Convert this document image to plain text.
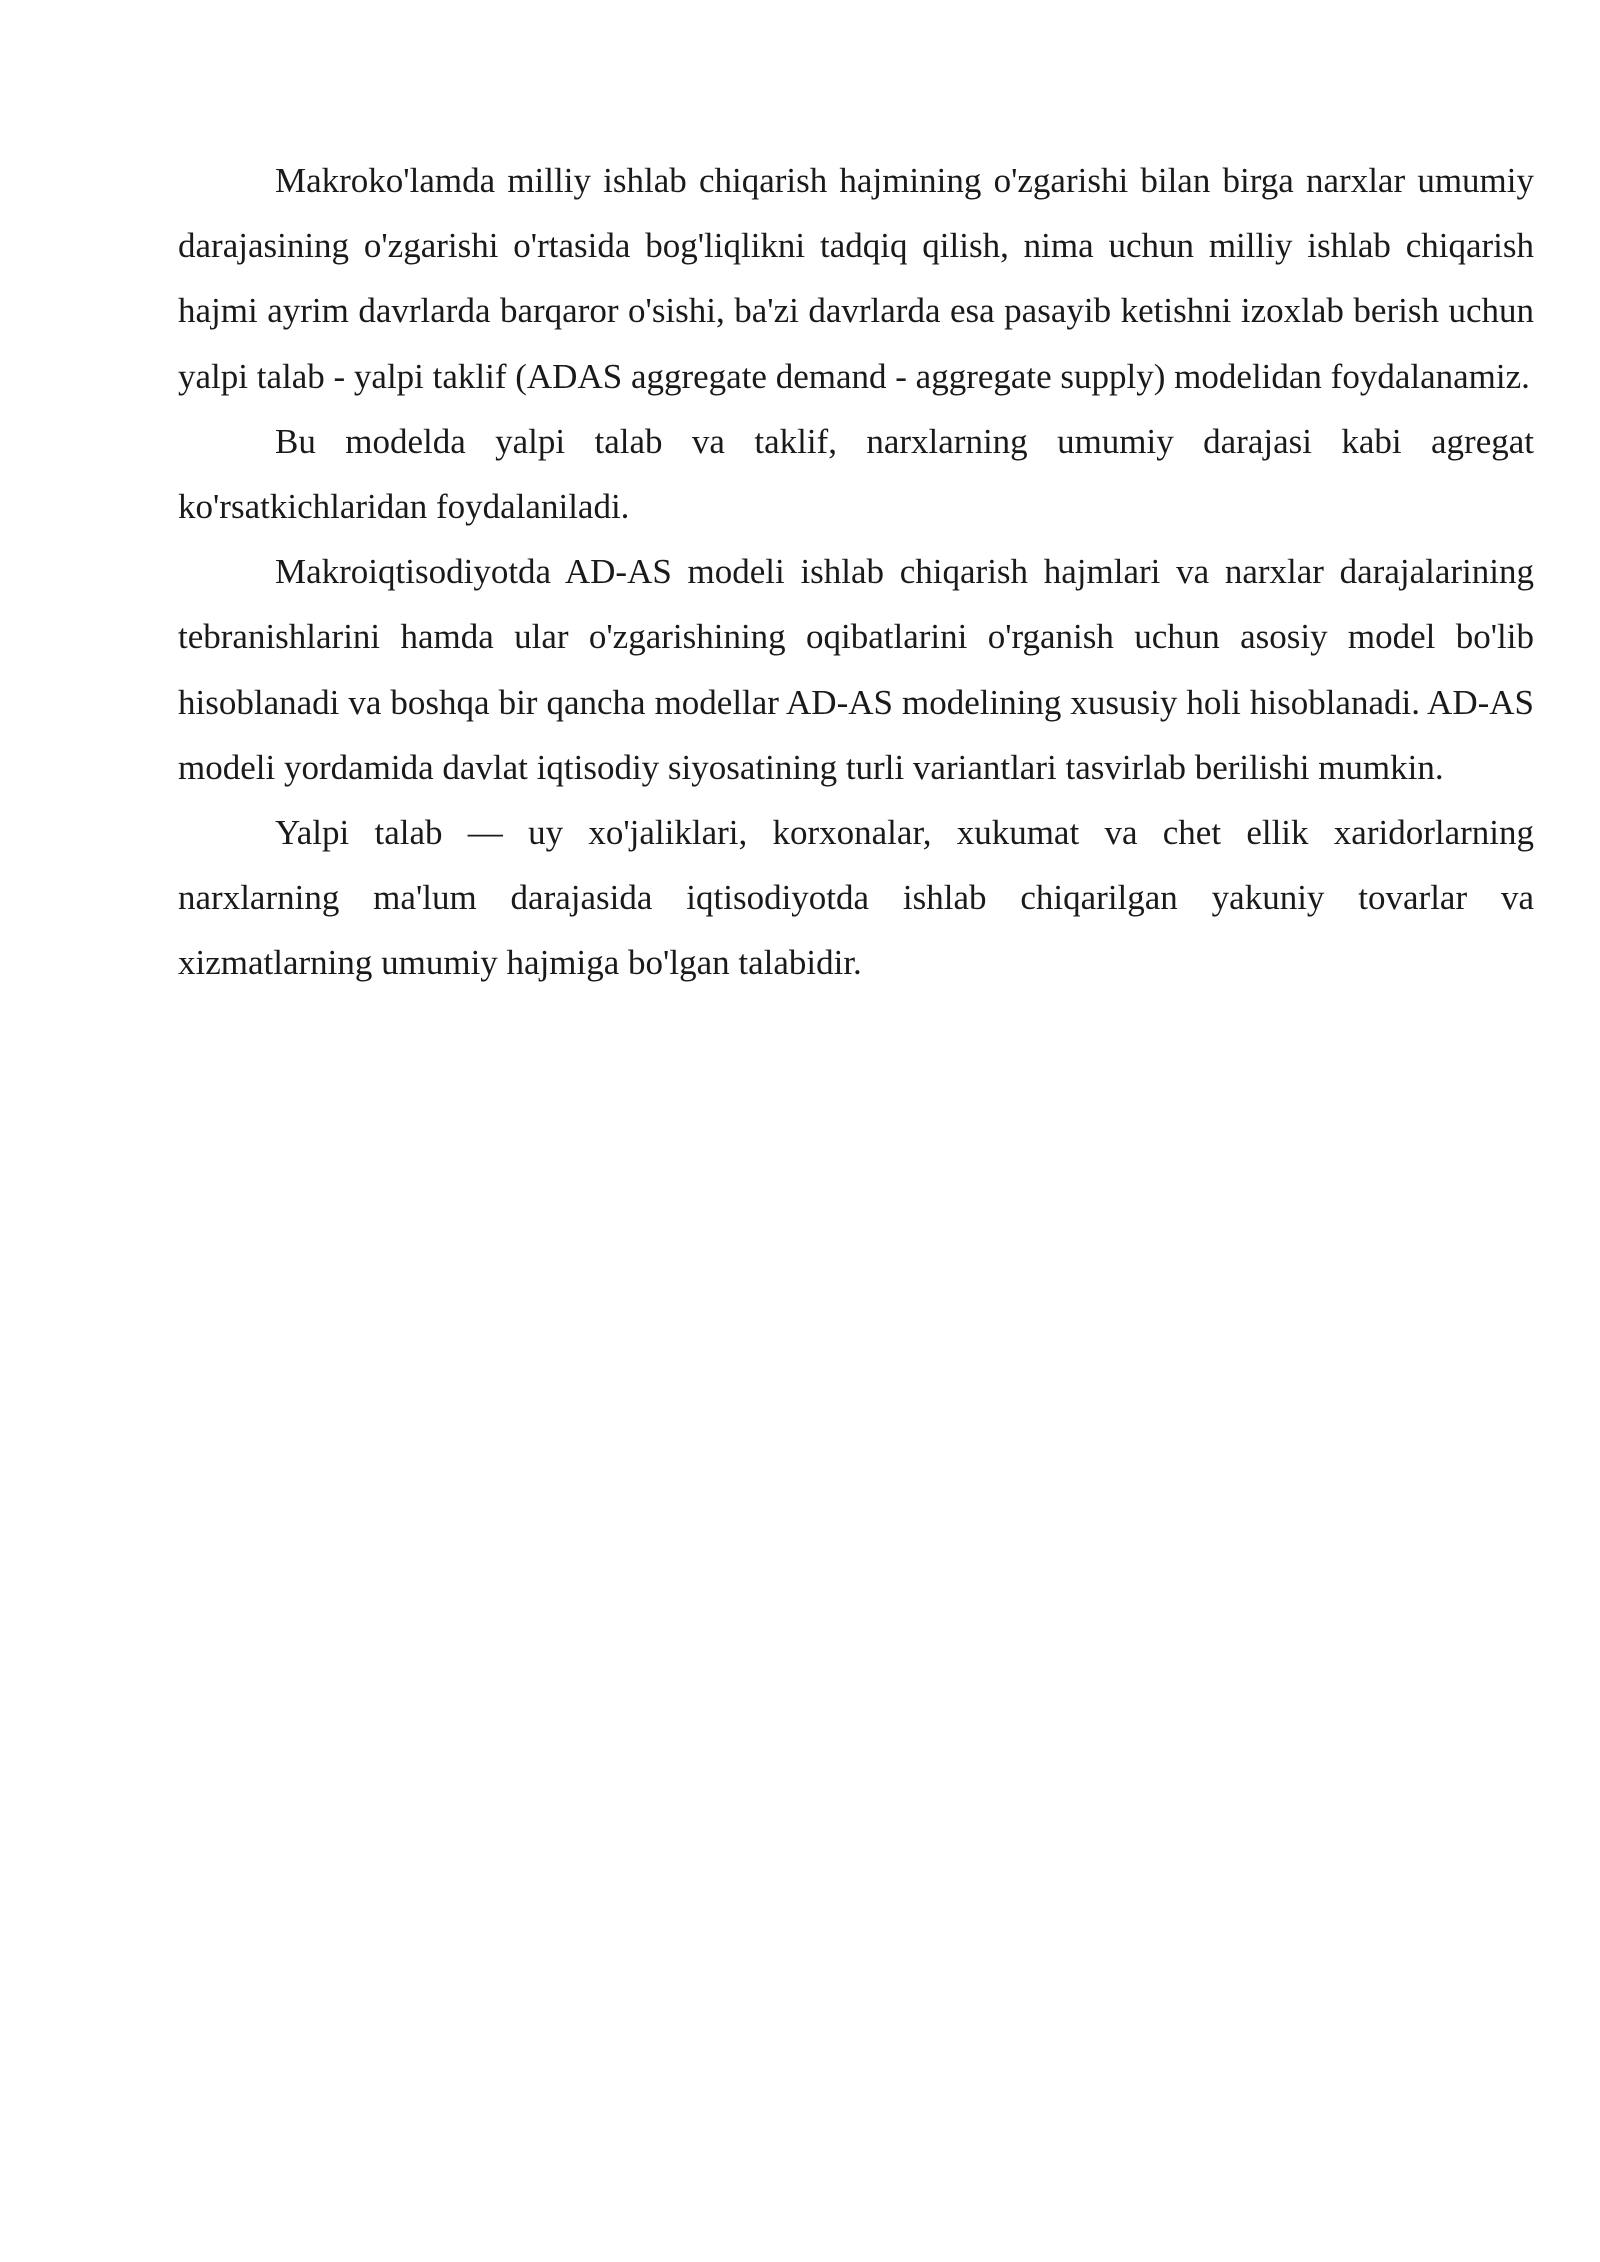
Makroko'lamda milliy ishlab chiqarish hajmining o'zgarishi bilan birga narxlar umumiy darajasining o'zgarishi o'rtasida bog'liqlikni tadqiq qilish, nima uchun milliy ishlab chiqarish hajmi ayrim davrlarda barqaror o'sishi, ba'zi davrlarda esa pasayib ketishni izoxlab berish uchun yalpi talab - yalpi taklif (ADAS aggregate demand - aggregate supply) modelidan foydalanamiz.

Bu modelda yalpi talab va taklif, narxlarning umumiy darajasi kabi agregat ko'rsatkichlaridan foydalaniladi.

Makroiqtisodiyotda AD-AS modeli ishlab chiqarish hajmlari va narxlar darajalarining tebranishlarini hamda ular o'zgarishining oqibatlarini o'rganish uchun asosiy model bo'lib hisoblanadi va boshqa bir qancha modellar AD-AS modelining xususiy holi hisoblanadi. AD-AS modeli yordamida davlat iqtisodiy siyosatining turli variantlari tasvirlab berilishi mumkin.

Yalpi talab — uy xo'jaliklari, korxonalar, xukumat va chet ellik xaridorlarning narxlarning ma'lum darajasida iqtisodiyotda ishlab chiqarilgan yakuniy tovarlar va xizmatlarning umumiy hajmiga bo'lgan talabidir.
